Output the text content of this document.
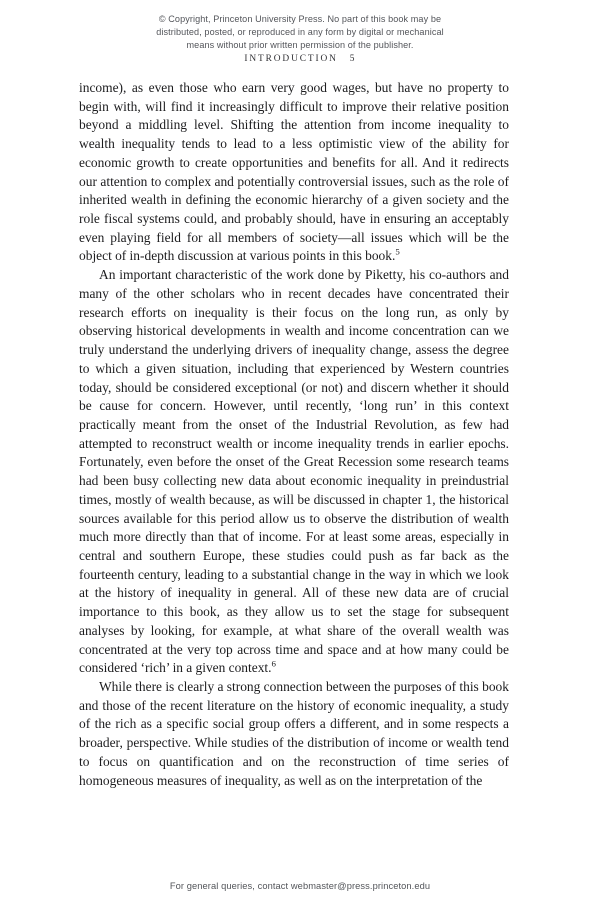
© Copyright, Princeton University Press. No part of this book may be
distributed, posted, or reproduced in any form by digital or mechanical
means without prior written permission of the publisher.
INTRODUCTION 5

income), as even those who earn very good wages, but have no property to begin with, will find it increasingly difficult to improve their relative position beyond a middling level. Shifting the attention from income inequality to wealth inequality tends to lead to a less optimistic view of the ability for economic growth to create opportunities and benefits for all. And it redirects our attention to complex and potentially controversial issues, such as the role of inherited wealth in defining the economic hierarchy of a given society and the role fiscal systems could, and probably should, have in ensuring an acceptably even playing field for all members of society—all issues which will be the object of in-depth discussion at various points in this book.$^5$

An important characteristic of the work done by Piketty, his co-authors and many of the other scholars who in recent decades have concentrated their research efforts on inequality is their focus on the long run, as only by observing historical developments in wealth and income concentration can we truly understand the underlying drivers of inequality change, assess the degree to which a given situation, including that experienced by Western countries today, should be considered exceptional (or not) and discern whether it should be cause for concern. However, until recently, ‘long run’ in this context practically meant from the onset of the Industrial Revolution, as few had attempted to reconstruct wealth or income inequality trends in earlier epochs. Fortunately, even before the onset of the Great Recession some research teams had been busy collecting new data about economic inequality in preindustrial times, mostly of wealth because, as will be discussed in chapter 1, the historical sources available for this period allow us to observe the distribution of wealth much more directly than that of income. For at least some areas, especially in central and southern Europe, these studies could push as far back as the fourteenth century, leading to a substantial change in the way in which we look at the history of inequality in general. All of these new data are of crucial importance to this book, as they allow us to set the stage for subsequent analyses by looking, for example, at what share of the overall wealth was concentrated at the very top across time and space and at how many could be considered ‘rich’ in a given context.$^6$

While there is clearly a strong connection between the purposes of this book and those of the recent literature on the history of economic inequality, a study of the rich as a specific social group offers a different, and in some respects a broader, perspective. While studies of the distribution of income or wealth tend to focus on quantification and on the reconstruction of time series of homogeneous measures of inequality, as well as on the interpretation of the

For general queries, contact webmaster@press.princeton.edu
